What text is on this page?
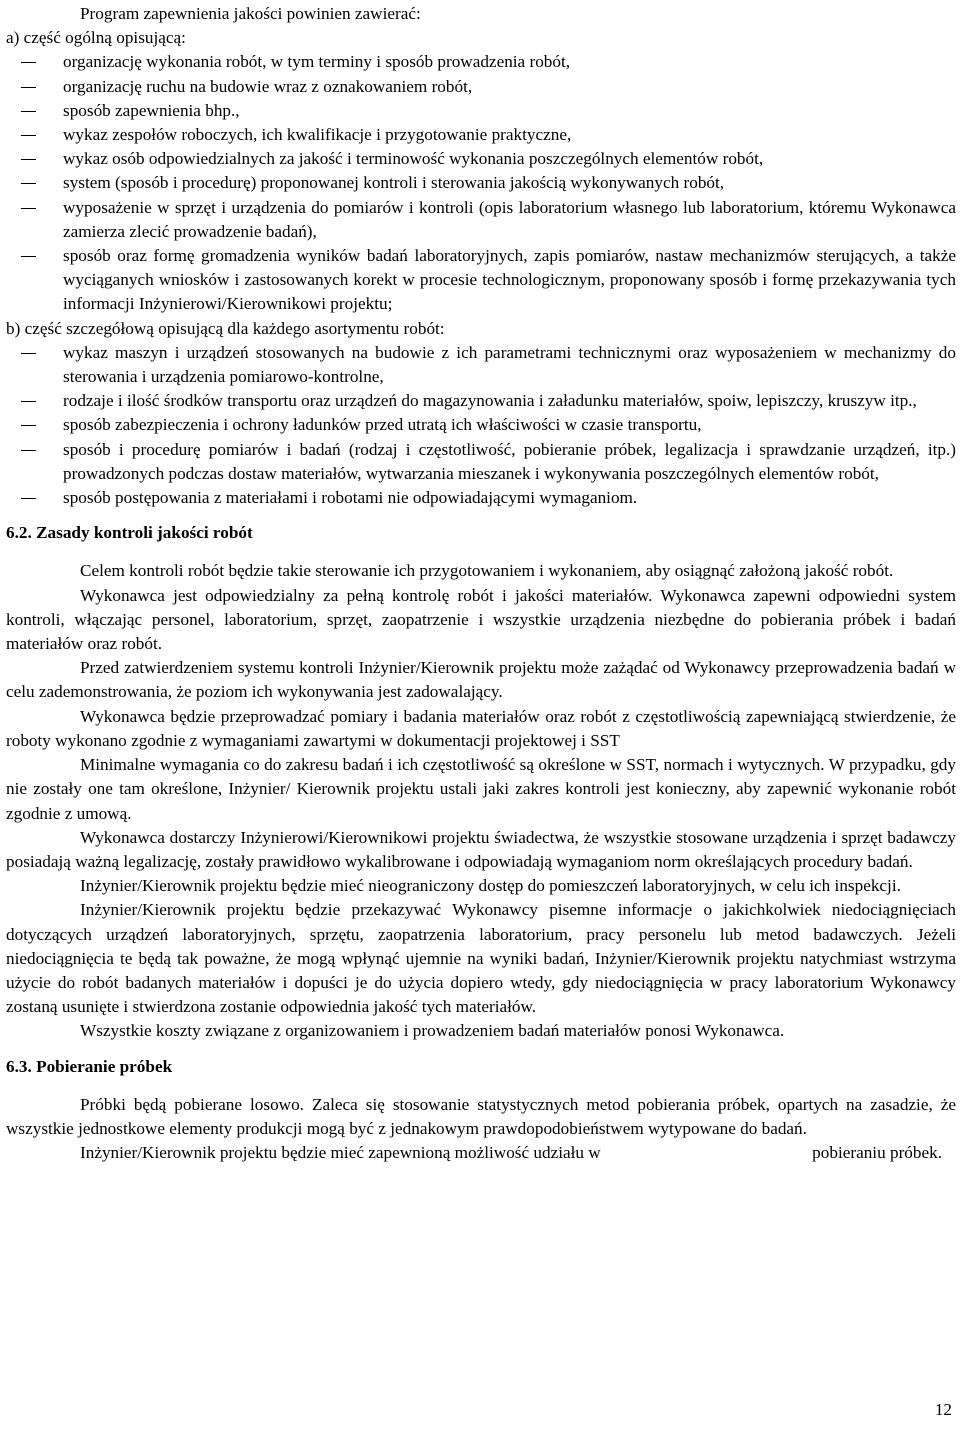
Program zapewnienia jakości powinien zawierać:

a) część ogólną opisującą:

organizację wykonania robót, w tym terminy i sposób prowadzenia robót,
organizację ruchu na budowie wraz z oznakowaniem robót,
sposób zapewnienia bhp.,
wykaz zespołów roboczych, ich kwalifikacje i przygotowanie praktyczne,
wykaz osób odpowiedzialnych za jakość i terminowość wykonania poszczególnych elementów robót,
system (sposób i procedurę) proponowanej kontroli i sterowania jakością wykonywanych robót,
wyposażenie w sprzęt i urządzenia do pomiarów i kontroli (opis laboratorium własnego lub laboratorium, któremu Wykonawca zamierza zlecić prowadzenie badań),
sposób oraz formę gromadzenia wyników badań laboratoryjnych, zapis pomiarów, nastaw mechanizmów sterujących, a także wyciąganych wniosków i zastosowanych korekt w procesie technologicznym, proponowany sposób i formę przekazywania tych informacji Inżynierowi/Kierownikowi projektu;

b) część szczegółową opisującą dla każdego asortymentu robót:

wykaz maszyn i urządzeń stosowanych na budowie z ich parametrami technicznymi oraz wyposażeniem w mechanizmy do sterowania i urządzenia pomiarowo-kontrolne,
rodzaje i ilość środków transportu oraz urządzeń do magazynowania i załadunku materiałów, spoiw, lepiszczy, kruszyw itp.,
sposób zabezpieczenia i ochrony ładunków przed utratą ich właściwości w czasie transportu,
sposób i procedurę pomiarów i badań (rodzaj i częstotliwość, pobieranie próbek, legalizacja i sprawdzanie urządzeń, itp.) prowadzonych podczas dostaw materiałów, wytwarzania mieszanek i wykonywania poszczególnych elementów robót,
sposób postępowania z materiałami i robotami nie odpowiadającymi wymaganiom.
6.2. Zasady kontroli jakości robót

Celem kontroli robót będzie takie sterowanie ich przygotowaniem i wykonaniem, aby osiągnąć założoną jakość robót.

Wykonawca jest odpowiedzialny za pełną kontrolę robót i jakości materiałów. Wykonawca zapewni odpowiedni system kontroli, włączając personel, laboratorium, sprzęt, zaopatrzenie i wszystkie urządzenia niezbędne do pobierania próbek i badań materiałów oraz robót.

Przed zatwierdzeniem systemu kontroli Inżynier/Kierownik projektu może zażądać od Wykonawcy przeprowadzenia badań w celu zademonstrowania, że poziom ich wykonywania jest zadowalający.

Wykonawca będzie przeprowadzać pomiary i badania materiałów oraz robót z częstotliwością zapewniającą stwierdzenie, że roboty wykonano zgodnie z wymaganiami zawartymi w dokumentacji projektowej i SST

Minimalne wymagania co do zakresu badań i ich częstotliwość są określone w SST, normach i wytycznych. W przypadku, gdy nie zostały one tam określone, Inżynier/ Kierownik projektu ustali jaki zakres kontroli jest konieczny, aby zapewnić wykonanie robót zgodnie z umową.

Wykonawca dostarczy Inżynierowi/Kierownikowi projektu świadectwa, że wszystkie stosowane urządzenia i sprzęt badawczy posiadają ważną legalizację, zostały prawidłowo wykalibrowane i odpowiadają wymaganiom norm określających procedury badań.

Inżynier/Kierownik projektu będzie mieć nieograniczony dostęp do pomieszczeń laboratoryjnych, w celu ich inspekcji.

Inżynier/Kierownik projektu będzie przekazywać Wykonawcy pisemne informacje o jakichkolwiek niedociągnięciach dotyczących urządzeń laboratoryjnych, sprzętu, zaopatrzenia laboratorium, pracy personelu lub metod badawczych. Jeżeli niedociągnięcia te będą tak poważne, że mogą wpłynąć ujemnie na wyniki badań, Inżynier/Kierownik projektu natychmiast wstrzyma użycie do robót badanych materiałów i dopuści je do użycia dopiero wtedy, gdy niedociągnięcia w pracy laboratorium Wykonawcy zostaną usunięte i stwierdzona zostanie odpowiednia jakość tych materiałów.

Wszystkie koszty związane z organizowaniem i prowadzeniem badań materiałów ponosi Wykonawca.

6.3. Pobieranie próbek

Próbki będą pobierane losowo. Zaleca się stosowanie statystycznych metod pobierania próbek, opartych na zasadzie, że wszystkie jednostkowe elementy produkcji mogą być z jednakowym prawdopodobieństwem wytypowane do badań.

Inżynier/Kierownik projektu będzie mieć zapewnioną możliwość udziału w	pobieraniu próbek.
12
